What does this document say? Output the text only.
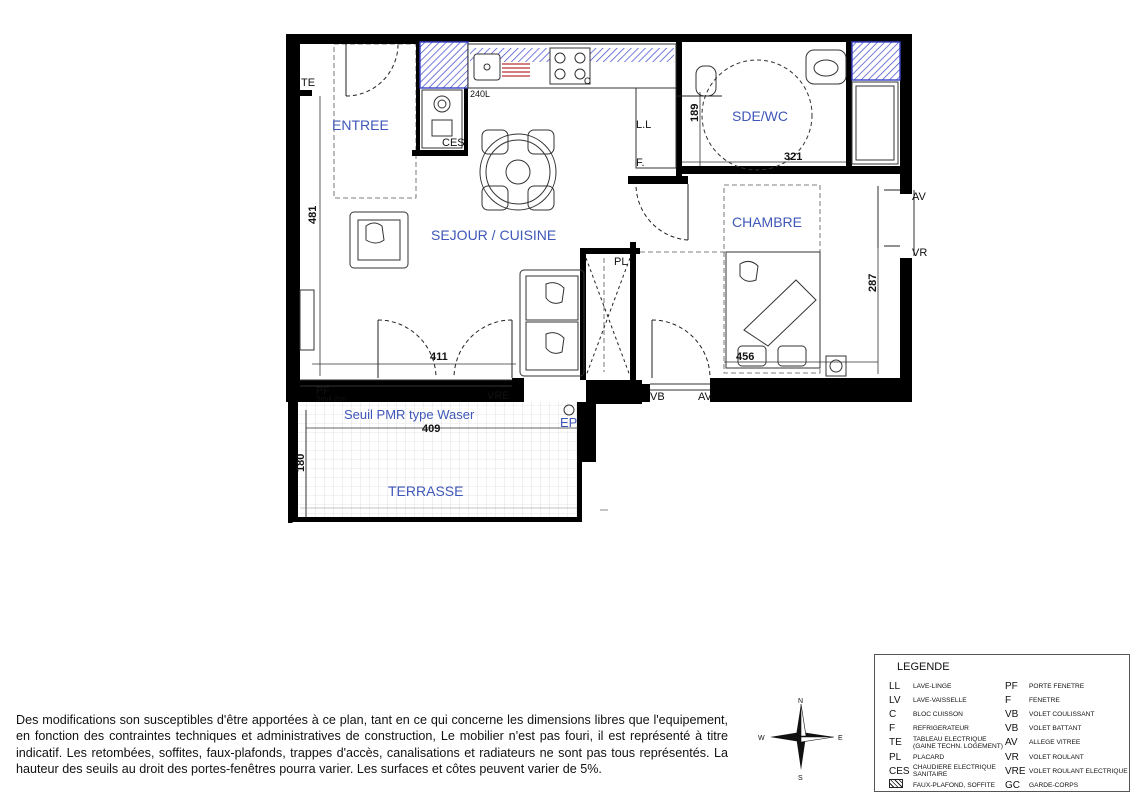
ENTREE
SEJOUR / CUISINE
SDE/WC
CHAMBRE
TERRASSE
Seuil PMR type Waser
EP
TE
CES
L.L
F.
PL
PF	VRE	VB	AV
AV
VR
240L
C
Seuil 2cm
481
411
189
321
287
456
409
180
N
S
E
W
Des modifications son susceptibles d'être apportées à ce plan, tant en ce qui concerne les dimensions libres que l'equipement, en fonction des contraintes techniques et administratives de construction, Le mobilier n'est pas fouri, il est représenté à titre indicatif. Les retombées, soffites, faux-plafonds, trappes d'accès, canalisations et radiateurs ne sont pas tous représentés. La hauteur des seuils au droit des portes-fenêtres pourra varier. Les surfaces et côtes peuvent varier de 5%.
LEGENDE
LL	LAVE-LINGE
LV	LAVE-VAISSELLE
C	BLOC CUISSON
F	REFRIGERATEUR
TE	TABLEAU ELECTRIQUE
(GAINE TECHN. LOGEMENT)
PL	PLACARD
CES CHAUDIERE ELECTRIQUE
SANITAIRE
FAUX-PLAFOND, SOFFITE
PF	PORTE FENETRE
F	FENETRE
VB	VOLET COULISSANT
VB	VOLET BATTANT
AV	ALLEGE VITREE
VR	VOLET ROULANT
VRE VOLET ROULANT ELECTRIQUE
GC	GARDE-CORPS
